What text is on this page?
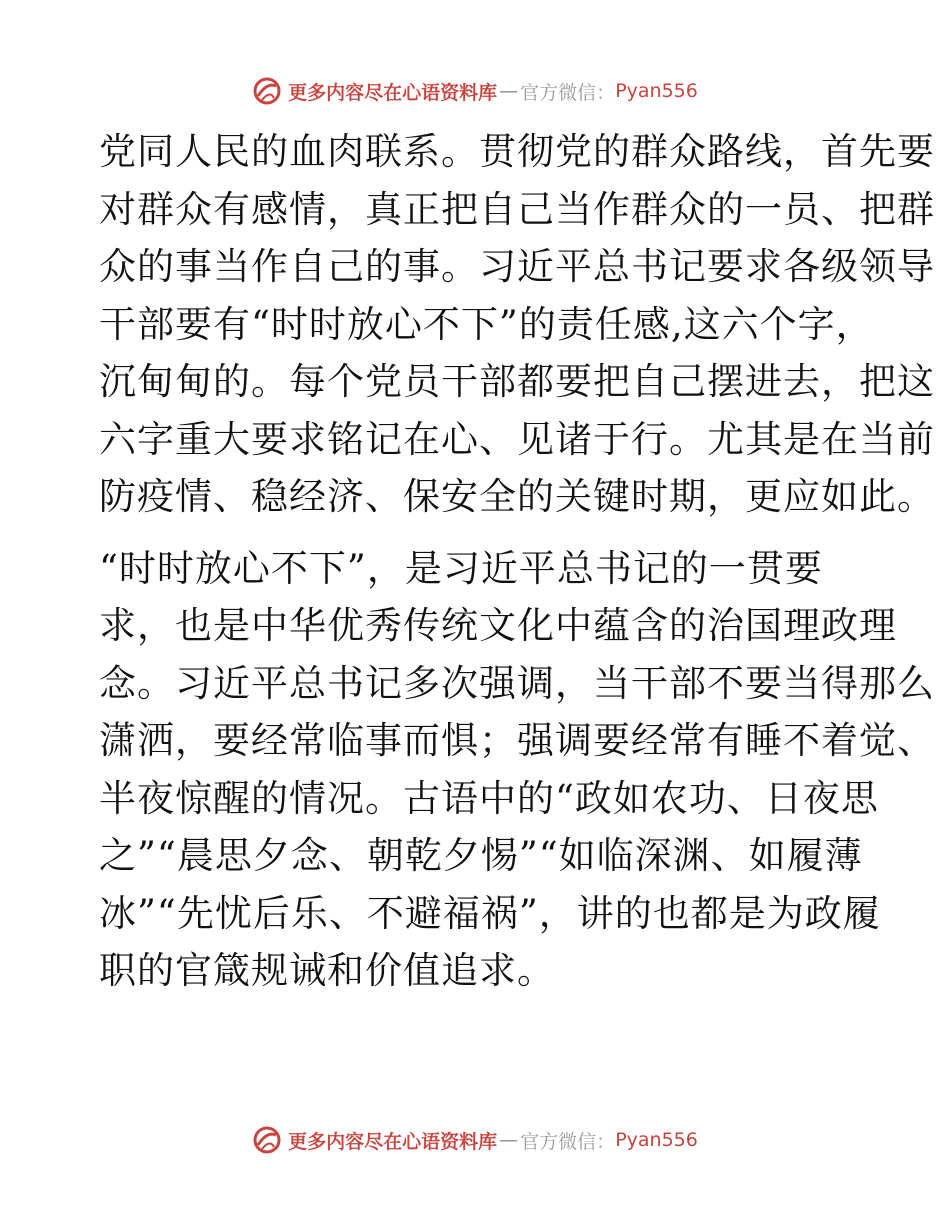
更多内容尽在心语资料库 — 官方微信： Pyan556

党同人民的血肉联系。贯彻党的群众路线，首先要
对群众有感情，真正把自己当作群众的一员、把群
众的事当作自己的事。习近平总书记要求各级领导
干部要有“时时放心不下”的责任感,这六个字，
沉甸甸的。每个党员干部都要把自己摆进去，把这
六字重大要求铭记在心、见诸于行。尤其是在当前
防疫情、稳经济、保安全的关键时期，更应如此。

“时时放心不下”，是习近平总书记的一贯要
求，也是中华优秀传统文化中蕴含的治国理政理
念。习近平总书记多次强调，当干部不要当得那么
潇洒，要经常临事而惧；强调要经常有睡不着觉、
半夜惊醒的情况。古语中的“政如农功、日夜思
之”“晨思夕念、朝乾夕惕”“如临深渊、如履薄
冰”“先忧后乐、不避福祸”，讲的也都是为政履
职的官箴规诫和价值追求。

更多内容尽在心语资料库 — 官方微信： Pyan556
